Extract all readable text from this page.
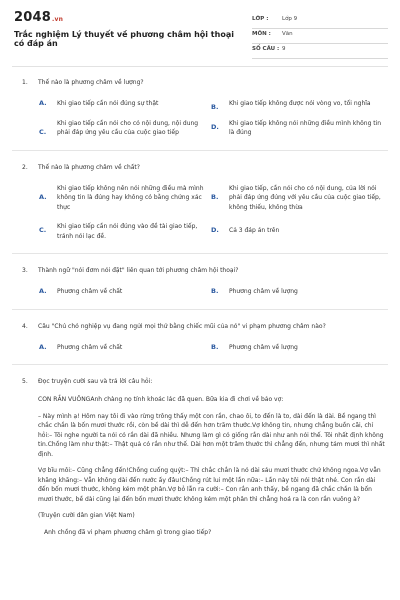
2048.vn
Trắc nghiệm Lý thuyết về phương châm hội thoại có đáp án
LỚP : Lớp 9
MÔN : Văn
SỐ CÂU : 9
1. Thế nào là phương châm về lượng?
A.	Khi giao tiếp cần nói đúng sự thật	B.	Khi giao tiếp không được nói vòng vo, tối nghĩa
C.
Khi giao tiếp cần nói cho có nội dung, nội dung phải đáp ứng yêu cầu của cuộc giao tiếp
D.	Khi giao tiếp không nói những điều mình không tin là đúng
2. Thế nào là phương châm về chất?
A.
Khi giao tiếp không nên nói những điều mà mình không tin là đúng hay không có bằng chứng xác thực
B.
Khi giao tiếp, cần nói cho có nội dung, của lời nói phải đáp ứng đúng với yêu cầu của cuộc giao tiếp, không thiếu, không thừa
C.	Khi giao tiếp cần nói đúng vào đề tài giao tiếp, tránh nói lạc đề.
D.	Cả 3 đáp án trên
3. Thành ngữ "nói đơm nói đặt" liên quan tới phương châm hội thoại?
A.	Phương châm về chất	B.	Phương châm về lượng
4. Câu "Chú chó nghiệp vụ đang ngửi mọi thứ bằng chiếc mũi của nó" vi phạm phương châm nào?
A.	Phương châm về chất	B.	Phương châm về lượng
5. Đọc truyện cười sau và trả lời câu hỏi:
CON RẮN VUÔNGAnh chàng nọ tính khoác lác đã quen. Bữa kia đi chơi về bảo vợ:
– Này mình ạ! Hôm nay tôi đi vào rừng trông thấy một con rắn, chao ôi, to đến là to, dài đến là dài. Bề ngang thì chắc chắn là bốn mươi thước rồi, còn bề dài thì dễ đến hơn trăm thước.Vợ không tin, nhưng chẳng buồn cãi, chỉ hỏi:– Tôi nghe người ta nói có rắn dài đã nhiều. Nhưng làm gì có giống rắn dài như anh nói thế. Tôi nhất định không tin.Chồng làm như thật:– Thật quả có rắn như thế. Dài hơn một trăm thước thì chẳng đến, nhưng tám mươi thì nhất định.
Vợ bĩu môi:– Cũng chẳng đến!Chồng cuống quýt:– Thì chắc chắn là nó dài sáu mươi thước chứ không ngoa.Vợ vẫn khăng khăng:– Vẫn không dài đến nước ấy đâu!Chồng rút lui một lần nữa:– Lần này tôi nói thật nhé. Con rắn dài đến bốn mươi thước, không kém một phân.Vợ bỏ lẫn ra cười:– Con rắn anh thấy, bề ngang đã chắc chắn là bốn mươi thước, bề dài cũng lại đến bốn mươi thước không kém một phân thì chẳng hoá ra là con rắn vuông à?
(Truyện cười dân gian Việt Nam)
Anh chồng đã vi phạm phương châm gì trong giao tiếp?
